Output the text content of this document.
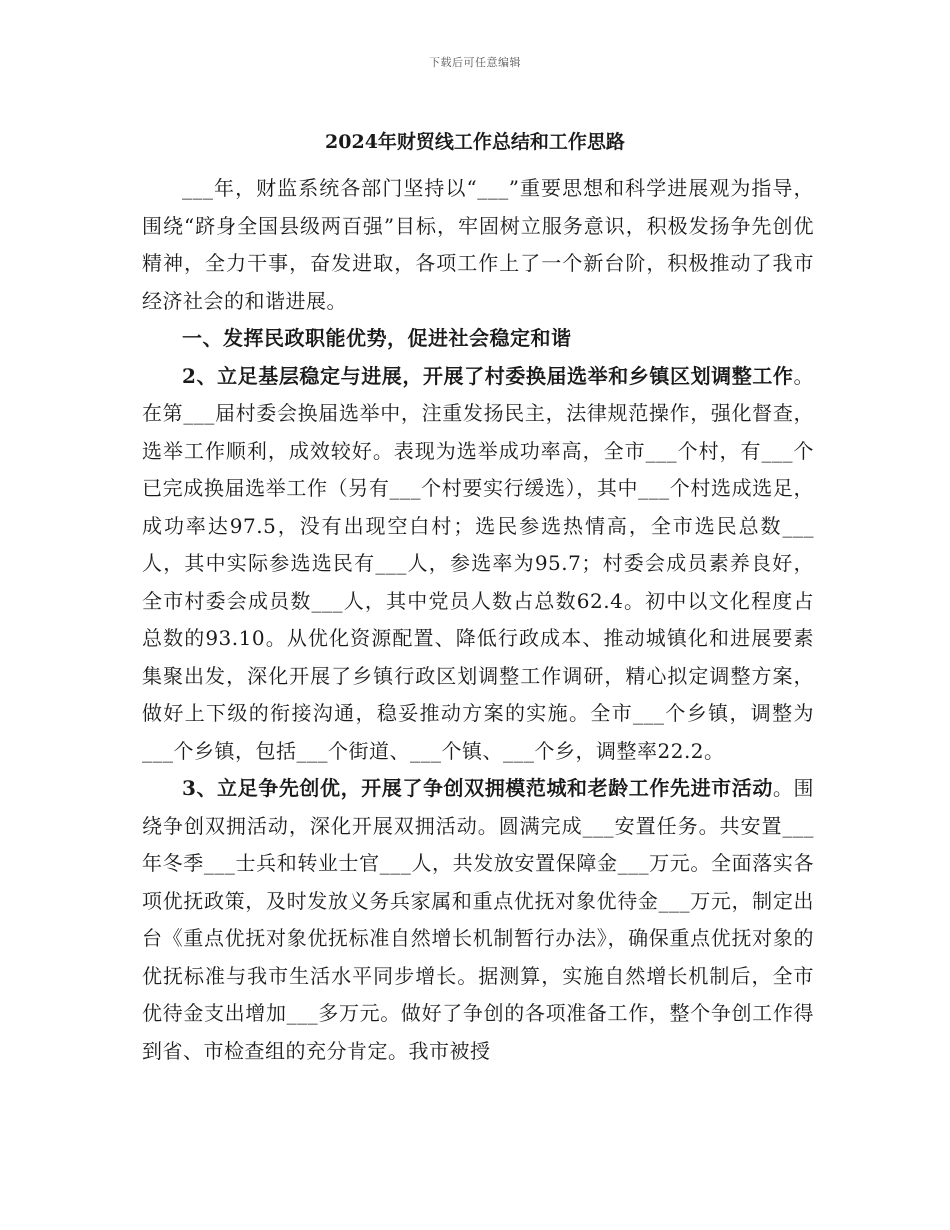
下载后可任意编辑
2024年财贸线工作总结和工作思路

___年，财监系统各部门坚持以“___”重要思想和科学进展观为指导，围绕“跻身全国县级两百强”目标，牢固树立服务意识，积极发扬争先创优精神，全力干事，奋发进取，各项工作上了一个新台阶，积极推动了我市经济社会的和谐进展。

一、发挥民政职能优势，促进社会稳定和谐

2、立足基层稳定与进展，开展了村委换届选举和乡镇区划调整工作。在第___届村委会换届选举中，注重发扬民主，法律规范操作，强化督查，选举工作顺利，成效较好。表现为选举成功率高，全市___个村，有___个已完成换届选举工作（另有___个村要实行缓选），其中___个村选成选足，成功率达97.5，没有出现空白村；选民参选热情高，全市选民总数___人，其中实际参选选民有___人，参选率为95.7；村委会成员素养良好，全市村委会成员数___人，其中党员人数占总数62.4。初中以文化程度占总数的93.10。从优化资源配置、降低行政成本、推动城镇化和进展要素集聚出发，深化开展了乡镇行政区划调整工作调研，精心拟定调整方案，做好上下级的衔接沟通，稳妥推动方案的实施。全市___个乡镇，调整为___个乡镇，包括___个街道、___个镇、___个乡，调整率22.2。

3、立足争先创优，开展了争创双拥模范城和老龄工作先进市活动。围绕争创双拥活动，深化开展双拥活动。圆满完成___安置任务。共安置___年冬季___士兵和转业士官___人，共发放安置保障金___万元。全面落实各项优抚政策，及时发放义务兵家属和重点优抚对象优待金___万元，制定出台《重点优抚对象优抚标准自然增长机制暂行办法》，确保重点优抚对象的优抚标准与我市生活水平同步增长。据测算，实施自然增长机制后，全市优待金支出增加___多万元。做好了争创的各项准备工作，整个争创工作得到省、市检查组的充分肯定。我市被授
